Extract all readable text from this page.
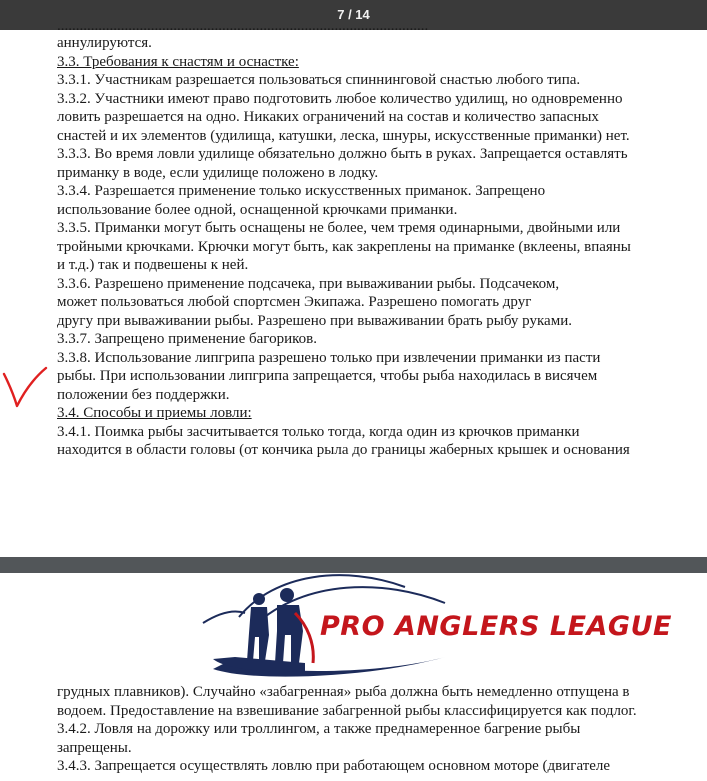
7 / 14
...................................................................................................
аннулируются.
3.3. Требования к снастям и оснастке:
3.3.1. Участникам разрешается пользоваться спиннинговой снастью любого типа.
3.3.2. Участники имеют право подготовить любое количество удилищ, но одновременно
ловить разрешается на одно. Никаких ограничений на состав и количество запасных
снастей и их элементов (удилища, катушки, леска, шнуры, искусственные приманки) нет.
3.3.3. Во время ловли удилище обязательно должно быть в руках. Запрещается оставлять
приманку в воде, если удилище положено в лодку.
3.3.4. Разрешается применение только искусственных приманок. Запрещено
использование более одной, оснащенной крючками приманки.
3.3.5. Приманки могут быть оснащены не более, чем тремя одинарными, двойными или
тройными крючками. Крючки могут быть, как закреплены на приманке (вклеены, впаяны
и т.д.) так и подвешены к ней.
3.3.6. Разрешено применение подсачека, при вываживании рыбы. Подсачеком,
может пользоваться любой спортсмен Экипажа. Разрешено помогать друг
другу при вываживании рыбы. Разрешено при вываживании брать рыбу руками.
3.3.7. Запрещено применение багориков.
3.3.8. Использование липгрипа разрешено только при извлечении приманки из пасти
рыбы. При использовании липгрипа запрещается, чтобы рыба находилась в висячем
положении без поддержки.
3.4. Способы и приемы ловли:
3.4.1. Поимка рыбы засчитывается только тогда, когда один из крючков приманки
находится в области головы (от кончика рыла до границы жаберных крышек и основания
PRO ANGLERS LEAGUE
грудных плавников). Случайно «забагренная» рыба должна быть немедленно отпущена в
водоем. Предоставление на взвешивание забагренной рыбы классифицируется как подлог.
3.4.2. Ловля на дорожку или троллингом, а также преднамеренное багрение рыбы
запрещены.
3.4.3. Запрещается осуществлять ловлю при работающем основном моторе (двигателе
